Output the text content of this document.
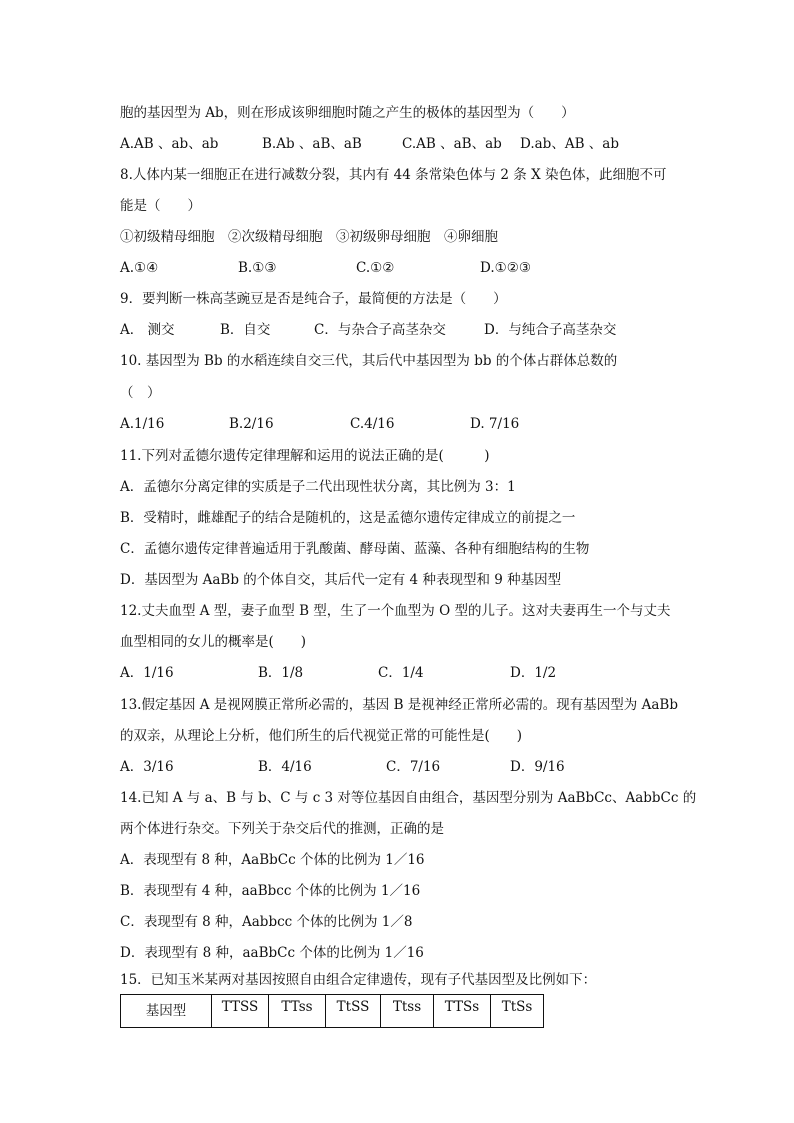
胞的基因型为 Ab，则在形成该卵细胞时随之产生的极体的基因型为（　　）
A.AB 、ab、ab	B.Ab 、aB、aB	C.AB 、aB、ab D.ab、AB 、ab
8.人体内某一细胞正在进行减数分裂，其内有 44 条常染色体与 2 条 X 染色体，此细胞不可
能是（　　）
①初级精母细胞　②次级精母细胞　③初级卵母细胞　④卵细胞
A.①④	B.①③	C.①②	D.①②③
9．要判断一株高茎豌豆是否是纯合子，最简便的方法是（　　）
A． 测交	B．自交	C．与杂合子高茎杂交	D．与纯合子高茎杂交
10. 基因型为 Bb 的水稻连续自交三代，其后代中基因型为 bb 的个体占群体总数的
（　）
A.1/16	B.2/16	C.4/16	D. 7/16
11.下列对孟德尔遗传定律理解和运用的说法正确的是(　　　)
A．孟德尔分离定律的实质是子二代出现性状分离，其比例为 3：1
B．受精时，雌雄配子的结合是随机的，这是孟德尔遗传定律成立的前提之一
C．孟德尔遗传定律普遍适用于乳酸菌、酵母菌、蓝藻、各种有细胞结构的生物
D．基因型为 AaBb 的个体自交，其后代一定有 4 种表现型和 9 种基因型
12.丈夫血型 A 型，妻子血型 B 型，生了一个血型为 O 型的儿子。这对夫妻再生一个与丈夫
血型相同的女儿的概率是(　　)
A．1/16	B．1/8	C．1/4	D．1/2
13.假定基因 A 是视网膜正常所必需的，基因 B 是视神经正常所必需的。现有基因型为 AaBb
的双亲，从理论上分析，他们所生的后代视觉正常的可能性是(　　)
A．3/16	B．4/16	C．7/16	D．9/16
14.已知 A 与 a、B 与 b、C 与 c 3 对等位基因自由组合，基因型分别为 AaBbCc、AabbCc 的
两个体进行杂交。下列关于杂交后代的推测，正确的是
A．表现型有 8 种，AaBbCc 个体的比例为 1／16
B．表现型有 4 种，aaBbcc 个体的比例为 1／16
C．表现型有 8 种，Aabbcc 个体的比例为 1／8
D．表现型有 8 种，aaBbCc 个体的比例为 1／16
15．已知玉米某两对基因按照自由组合定律遗传，现有子代基因型及比例如下：
基因型	TTSS	TTss	TtSS	Ttss	TTSs	TtSs
